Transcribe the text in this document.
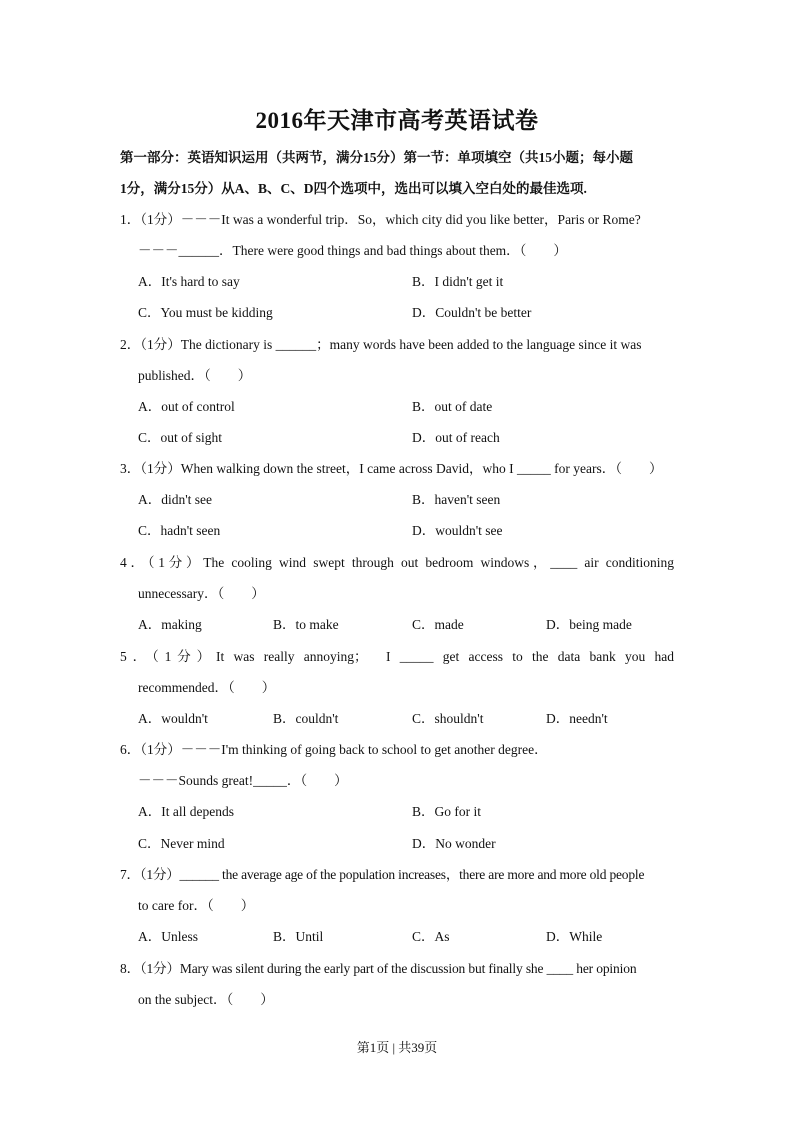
2016年天津市高考英语试卷
第一部分：英语知识运用（共两节，满分15分）第一节：单项填空（共15小题；每小题
1分，满分15分）从A、B、C、D四个选项中，选出可以填入空白处的最佳选项.
1．（1分）－－－It was a wonderful trip．So，which city did you like better，Paris or Rome?
－－－______．There were good things and bad things about them．（　　）
A．It's hard to say	B．I didn't get it
C．You must be kidding	D．Couldn't be better
2．（1分）The dictionary is ______；many words have been added to the language since it was
published．（　　）
A．out of control	B．out of date
C．out of sight	D．out of reach
3．（1分）When walking down the street，I came across David，who I _____ for years．（　　）
A．didn't see	B．haven't seen
C．hadn't seen	D．wouldn't see
4．（1分）The cooling wind swept through out bedroom windows，____ air conditioning
unnecessary．（　　）
A．making	B．to make	C．made	D．being made
5．（1分）It was really annoying；　I _____ get access to the data bank you had
recommended．（　　）
A．wouldn't	B．couldn't	C．shouldn't	D．needn't
6．（1分）－－－I'm thinking of going back to school to get another degree．
－－－Sounds great!_____．（　　）
A．It all depends	B．Go for it
C．Never mind	D．No wonder
7．（1分）______ the average age of the population increases，there are more and more old people
to care for．（　　）
A．Unless	B．Until	C．As	D．While
8．（1分）Mary was silent during the early part of the discussion but finally she ____ her opinion
on the subject．（　　）
第1页 | 共39页
